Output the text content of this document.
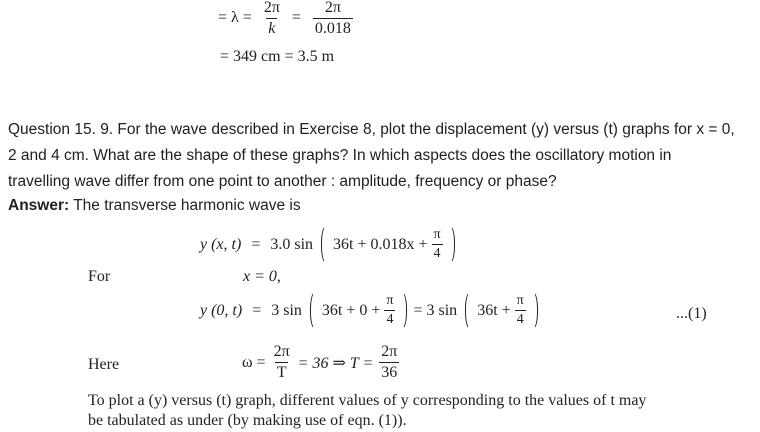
= $\lambda = \frac{2\pi}{k} = \frac{2\pi}{0.018}$
= 349 cm = 3.5 m
Question 15. 9. For the wave described in Exercise 8, plot the displacement (y) versus (t) graphs for x = 0,
2 and 4 cm. What are the shape of these graphs? In which aspects does the oscillatory motion in
travelling wave differ from one point to another : amplitude, frequency or phase?
Answer: The transverse harmonic wave is
y (x, t) = 3.0 $\sin 36t + 0.018x + \frac{\pi}{4}$
For	x = 0,
y (0, t) = 3 $\sin 36t + 0 + \frac{\pi}{4} = 3$ $\sin 36t + \frac{\pi}{4}$	...(1)
Here	$\omega = \frac{2\pi}{T} = 36$ ⇒ $T = \frac{2\pi}{36}$
To plot a (y) versus (t) graph, different values of y corresponding to the values of t may
be tabulated as under (by making use of eqn. (1)).
